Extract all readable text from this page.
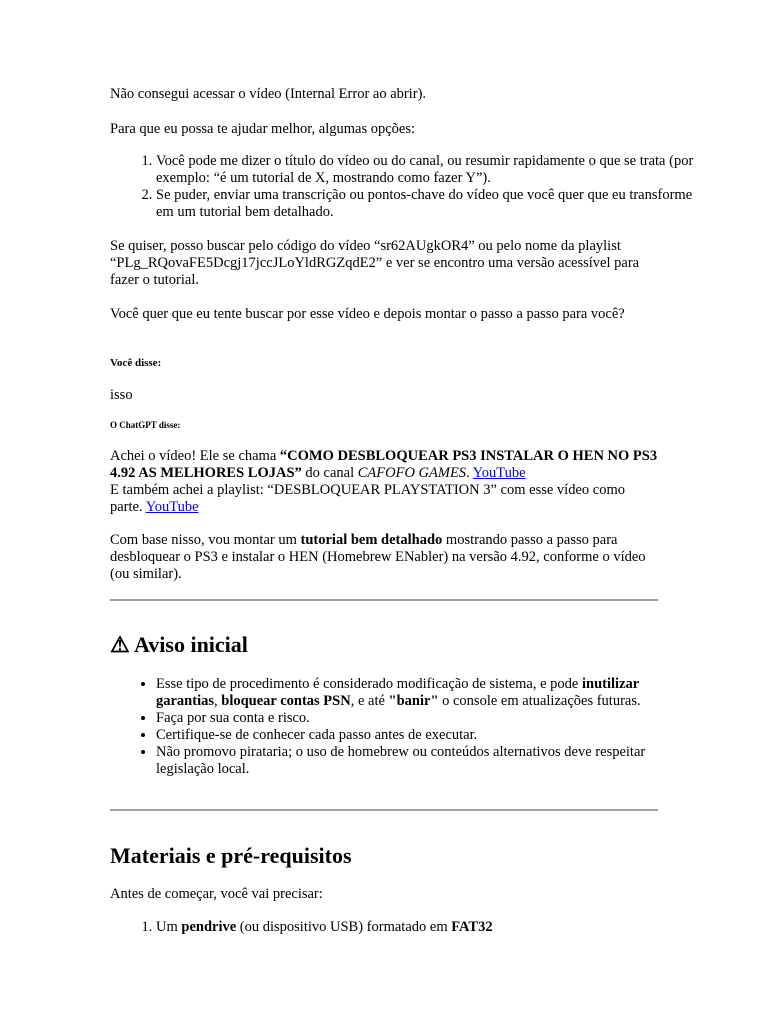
Não consegui acessar o vídeo (Internal Error ao abrir).

Para que eu possa te ajudar melhor, algumas opções:

1. Você pode me dizer o título do vídeo ou do canal, ou resumir rapidamente o que se trata (por exemplo: “é um tutorial de X, mostrando como fazer Y”).
2. Se puder, enviar uma transcrição ou pontos-chave do vídeo que você quer que eu transforme em um tutorial bem detalhado.

Se quiser, posso buscar pelo código do vídeo “sr62AUgkOR4” ou pelo nome da playlist “PLg_RQovaFE5Dcgj17jccJLoYldRGZqdE2” e ver se encontro uma versão acessível para fazer o tutorial.

Você quer que eu tente buscar por esse vídeo e depois montar o passo a passo para você?

Você disse:

isso

O ChatGPT disse:

Achei o vídeo! Ele se chama “COMO DESBLOQUEAR PS3 INSTALAR O HEN NO PS3 4.92 AS MELHORES LOJAS” do canal CAFOFO GAMES. YouTube
E também achei a playlist: “DESBLOQUEAR PLAYSTATION 3” com esse vídeo como parte. YouTube

Com base nisso, vou montar um tutorial bem detalhado mostrando passo a passo para desbloquear o PS3 e instalar o HEN (Homebrew ENabler) na versão 4.92, conforme o vídeo (ou similar).

⚠ Aviso inicial
• Esse tipo de procedimento é considerado modificação de sistema, e pode inutilizar garantias, bloquear contas PSN, e até "banir" o console em atualizações futuras.
• Faça por sua conta e risco.
• Certifique-se de conhecer cada passo antes de executar.
• Não promovo pirataria; o uso de homebrew ou conteúdos alternativos deve respeitar legislação local.
Materiais e pré-requisitos

Antes de começar, você vai precisar:

1. Um pendrive (ou dispositivo USB) formatado em FAT32
